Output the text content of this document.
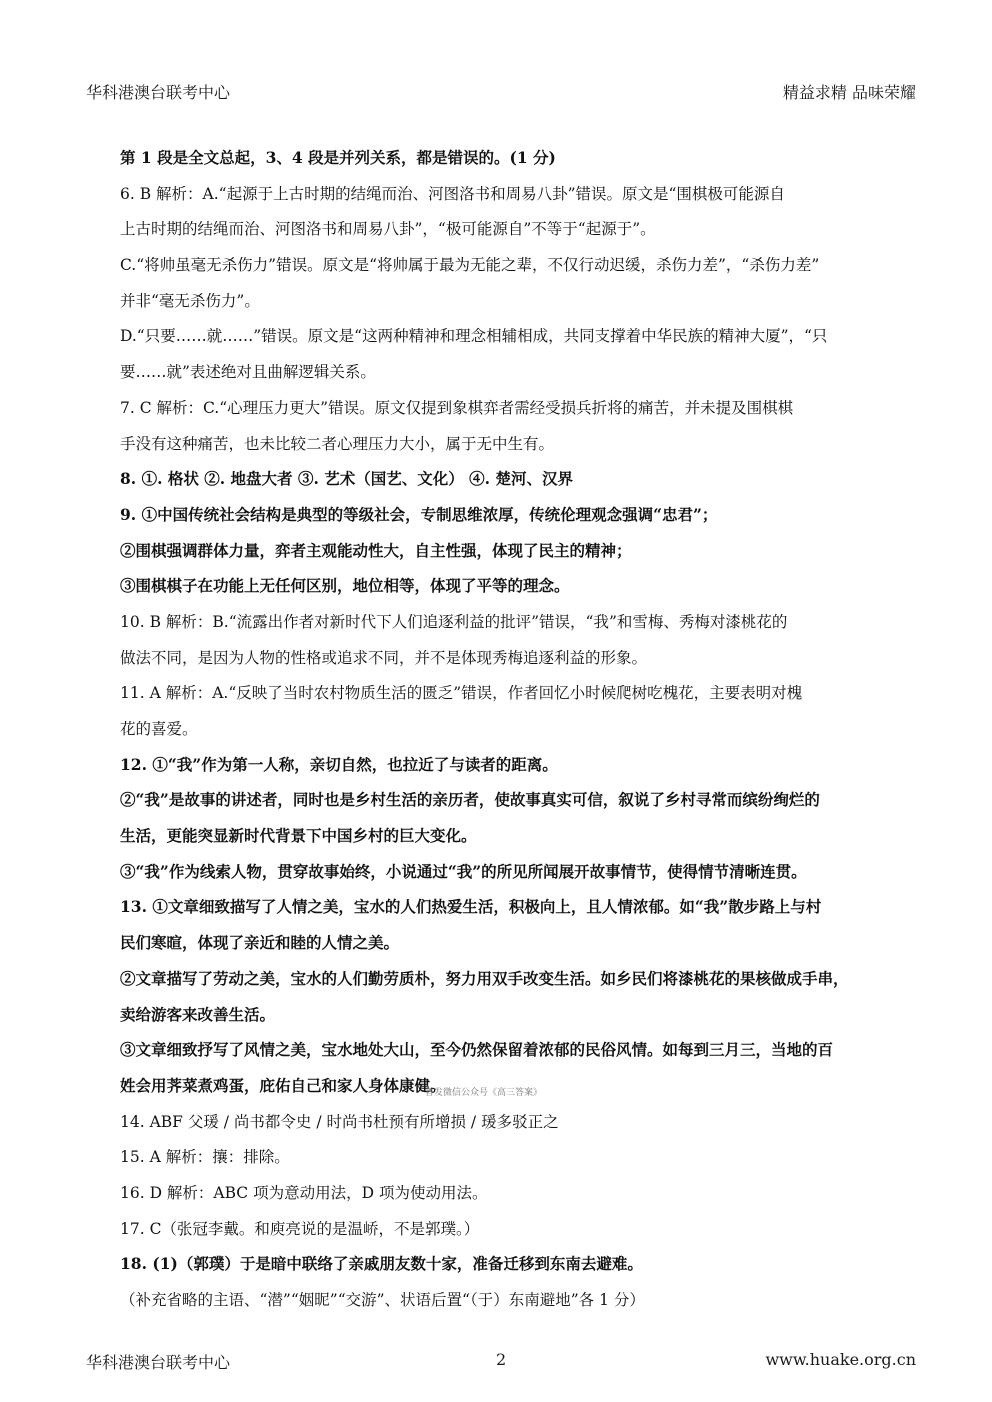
华科港澳台联考中心	精益求精 品味荣耀
第 1 段是全文总起，3、4 段是并列关系，都是错误的。(1 分)
6. B 解析：A.“起源于上古时期的结绳而治、河图洛书和周易八卦”错误。原文是“围棋极可能源自
上古时期的结绳而治、河图洛书和周易八卦”，“极可能源自”不等于“起源于”。
C.“将帅虽毫无杀伤力”错误。原文是“将帅属于最为无能之辈，不仅行动迟缓，杀伤力差”，“杀伤力差”
并非“毫无杀伤力”。
D.“只要……就……”错误。原文是“这两种精神和理念相辅相成，共同支撑着中华民族的精神大厦”，“只
要……就”表述绝对且曲解逻辑关系。
7. C 解析：C.“心理压力更大”错误。原文仅提到象棋弈者需经受损兵折将的痛苦，并未提及围棋棋
手没有这种痛苦，也未比较二者心理压力大小，属于无中生有。
8. ①. 格状 ②. 地盘大者 ③. 艺术（国艺、文化） ④. 楚河、汉界
9. ①中国传统社会结构是典型的等级社会，专制思维浓厚，传统伦理观念强调“忠君”；
②围棋强调群体力量，弈者主观能动性大，自主性强，体现了民主的精神；
③围棋棋子在功能上无任何区别，地位相等，体现了平等的理念。
10. B 解析：B.“流露出作者对新时代下人们追逐利益的批评”错误，“我”和雪梅、秀梅对漆桃花的
做法不同，是因为人物的性格或追求不同，并不是体现秀梅追逐利益的形象。
11. A 解析：A.“反映了当时农村物质生活的匮乏”错误，作者回忆小时候爬树吃槐花，主要表明对槐
花的喜爱。
12. ①“我”作为第一人称，亲切自然，也拉近了与读者的距离。
②“我”是故事的讲述者，同时也是乡村生活的亲历者，使故事真实可信，叙说了乡村寻常而缤纷绚烂的
生活，更能突显新时代背景下中国乡村的巨大变化。
③“我”作为线索人物，贯穿故事始终，小说通过“我”的所见所闻展开故事情节，使得情节清晰连贯。
13. ①文章细致描写了人情之美，宝水的人们热爱生活，积极向上，且人情浓郁。如“我”散步路上与村
民们寒暄，体现了亲近和睦的人情之美。
②文章描写了劳动之美，宝水的人们勤劳质朴，努力用双手改变生活。如乡民们将漆桃花的果核做成手串，
卖给游客来改善生活。
③文章细致抒写了风情之美，宝水地处大山，至今仍然保留着浓郁的民俗风情。如每到三月三，当地的百
姓会用荠菜煮鸡蛋，庇佑自己和家人身体康健。
14. ABF 父瑗 / 尚书都令史 / 时尚书杜预有所增损 / 瑗多驳正之
15. A 解析：攘：排除。
16. D 解析：ABC 项为意动用法，D 项为使动用法。
17. C（张冠李戴。和庾亮说的是温峤，不是郭璞。）
18. (1)（郭璞）于是暗中联络了亲戚朋友数十家，准备迁移到东南去避难。
（补充省略的主语、“潜”“姻昵”“交游”、状语后置“（于）东南避地”各 1 分）
首发微信公众号《高三答案》
华科港澳台联考中心	2	www.huake.org.cn
